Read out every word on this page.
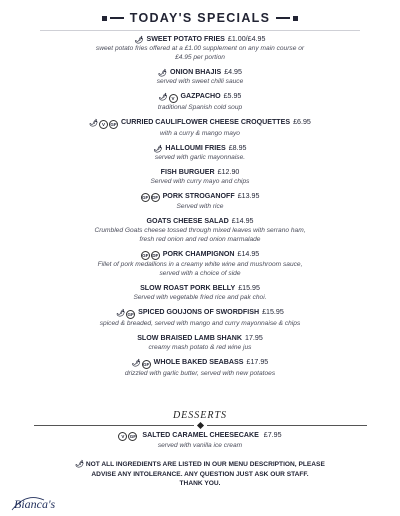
TODAY'S SPECIALS
🌶 SWEET POTATO FRIES £1.00/£4.95
sweet potato fries offered at a £1.00 supplement on any main course or
£4.95 per portion
🌶 ONION BHAJIS £4.95
served with sweet chilli sauce
🌶 V GAZPACHO £5.95
traditional Spanish cold soup
🌶 V	GF CURRIED CAULIFLOWER CHEESE CROQUETTES £6.95
with a curry & mango mayo
🌶 HALLOUMI FRIES £8.95
served with garlic mayonnaise.
FISH BURGUER £12.90
Served with curry mayo and chips
GF DF PORK STROGANOFF £13.95
Served with rice
GOATS CHEESE SALAD £14.95
Crumbled Goats cheese tossed through mixed leaves with serrano ham,
fresh red onion and red onion marmalade
GF DF PORK CHAMPIGNON £14.95
Fillet of pork medallions in a creamy white wine and mushroom sauce,
served with a choice of side
SLOW ROAST PORK BELLY £15.95
Served with vegetable fried rice and pak choi.
🌶 GF SPICED GOUJONS OF SWORDFISH £15.95
spiced & breaded, served with mango and curry mayonnaise & chips
SLOW BRAISED LAMB SHANK 17.95
creamy mash potato & red wine jus
🌶 GF WHOLE BAKED SEABASS £17.95
drizzled with garlic butter, served with new potatoes
DESSERTS
V	GF SALTED CARAMEL CHEESECAKE £7.95
served with vanilla ice cream
🌶 NOT ALL INGREDIENTS ARE LISTED IN OUR MENU DESCRIPTION, PLEASE
ADVISE ANY INTOLERANCE. ANY QUESTION JUST ASK OUR STAFF.
THANK YOU.
Bianca's
